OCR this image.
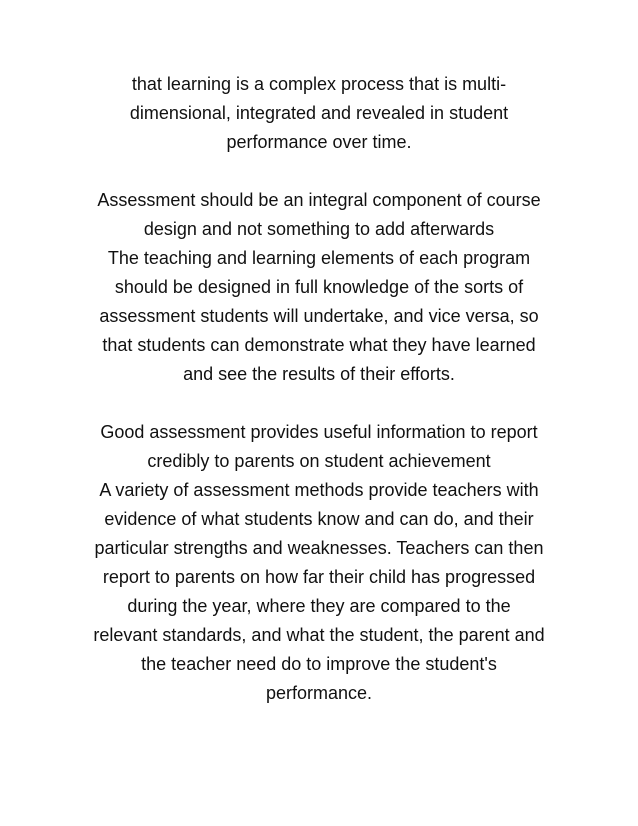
that learning is a complex process that is multi-
dimensional, integrated and revealed in student
performance over time.

Assessment should be an integral component of course
design and not something to add afterwards
The teaching and learning elements of each program
should be designed in full knowledge of the sorts of
assessment students will undertake, and vice versa, so
that students can demonstrate what they have learned
and see the results of their efforts.

Good assessment provides useful information to report
credibly to parents on student achievement
A variety of assessment methods provide teachers with
evidence of what students know and can do, and their
particular strengths and weaknesses. Teachers can then
report to parents on how far their child has progressed
during the year, where they are compared to the
relevant standards, and what the student, the parent and
the teacher need do to improve the student's
performance.
